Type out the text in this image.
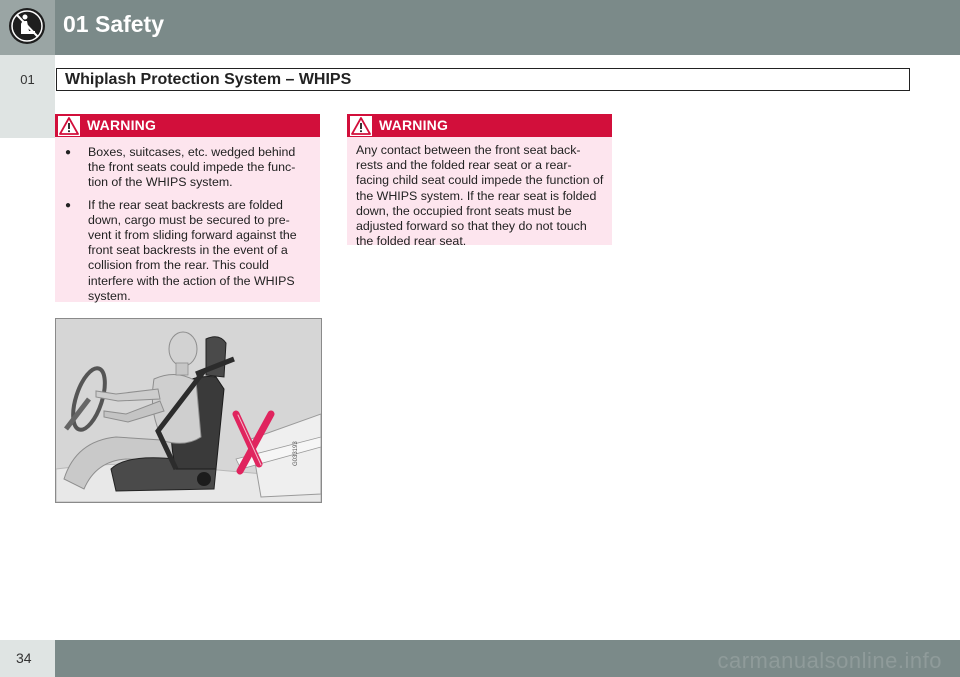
01 Safety
01	Whiplash Protection System – WHIPS
WARNING
● Boxes, suitcases, etc. wedged behind the front seats could impede the func-tion of the WHIPS system.
● If the rear seat backrests are folded down, cargo must be secured to pre-vent it from sliding forward against the front seat backrests in the event of a collision from the rear. This could interfere with the action of the WHIPS system.
WARNING
Any contact between the front seat back-rests and the folded rear seat or a rear-facing child seat could impede the function of the WHIPS system. If the rear seat is folded down, the occupied front seats must be adjusted forward so that they do not touch the folded rear seat.
G033193
34	carmanualsonline.info
